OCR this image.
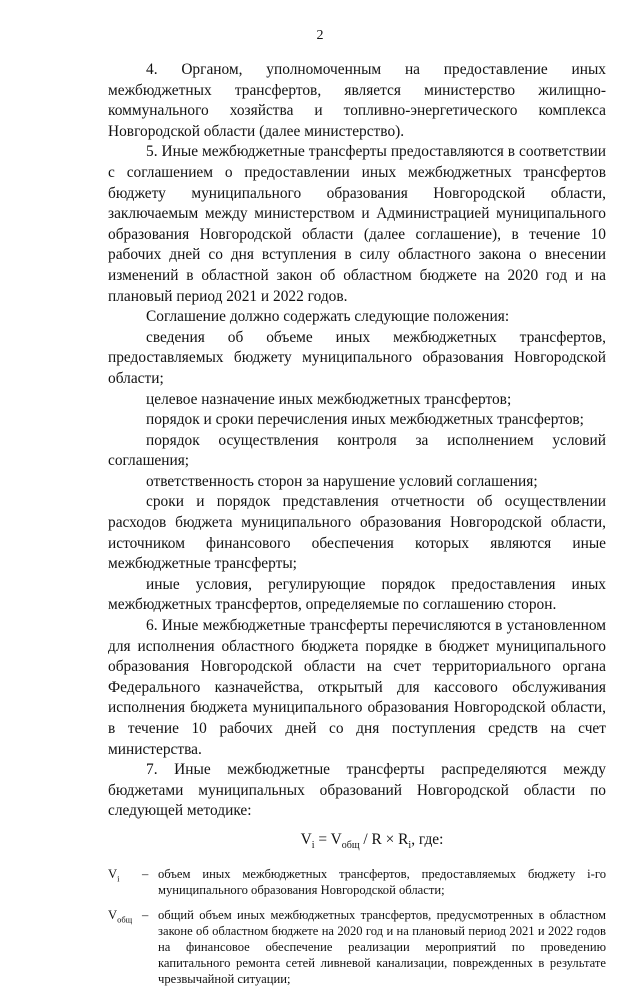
2

4. Органом, уполномоченным на предоставление иных межбюджетных трансфертов, является министерство жилищно-коммунального хозяйства и топливно-энергетического комплекса Новгородской области (далее министерство).

5. Иные межбюджетные трансферты предоставляются в соответствии с соглашением о предоставлении иных межбюджетных трансфертов бюджету муниципального образования Новгородской области, заключаемым между министерством и Администрацией муниципального образования Новгородской области (далее соглашение), в течение 10 рабочих дней со дня вступления в силу областного закона о внесении изменений в областной закон об областном бюджете на 2020 год и на плановый период 2021 и 2022 годов.

Соглашение должно содержать следующие положения:

сведения об объеме иных межбюджетных трансфертов, предоставляемых бюджету муниципального образования Новгородской области;

целевое назначение иных межбюджетных трансфертов;

порядок и сроки перечисления иных межбюджетных трансфертов;

порядок осуществления контроля за исполнением условий соглашения;

ответственность сторон за нарушение условий соглашения;

сроки и порядок представления отчетности об осуществлении расходов бюджета муниципального образования Новгородской области, источником финансового обеспечения которых являются иные межбюджетные трансферты;

иные условия, регулирующие порядок предоставления иных межбюджетных трансфертов, определяемые по соглашению сторон.

6. Иные межбюджетные трансферты перечисляются в установленном для исполнения областного бюджета порядке в бюджет муниципального образования Новгородской области на счет территориального органа Федерального казначейства, открытый для кассового обслуживания исполнения бюджета муниципального образования Новгородской области, в течение 10 рабочих дней со дня поступления средств на счет министерства.

7. Иные межбюджетные трансферты распределяются между бюджетами муниципальных образований Новгородской области по следующей методике:

$V_i = V_{общ} / R \times R_i$, где:
$V_i$	– объем иных межбюджетных трансфертов, предоставляемых бюджету i-го муниципального образования Новгородской области;
$V_{общ}$ – общий объем иных межбюджетных трансфертов, предусмотренных в областном законе об областном бюджете на 2020 год и на плановый период 2021 и 2022 годов на финансовое обеспечение реализации мероприятий по проведению капитального ремонта сетей ливневой канализации, поврежденных в результате чрезвычайной ситуации;
